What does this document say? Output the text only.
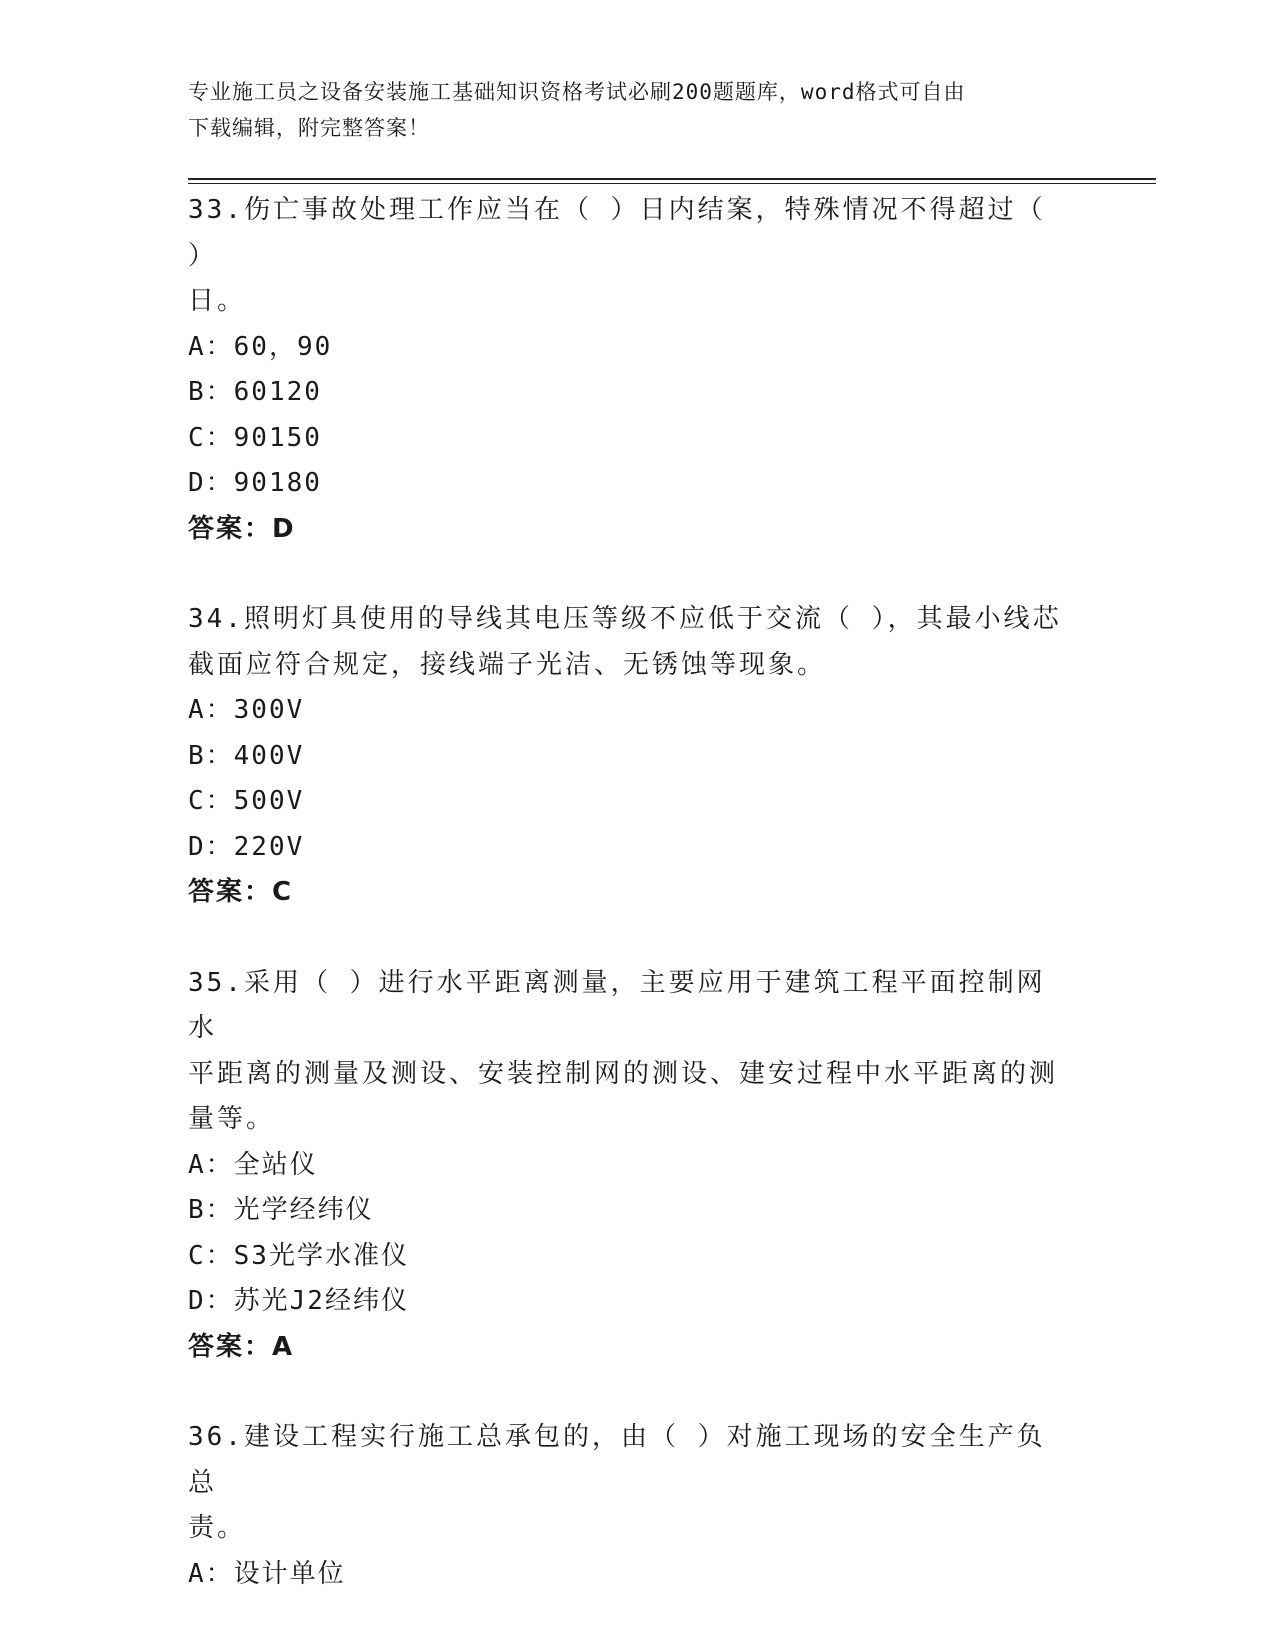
专业施工员之设备安装施工基础知识资格考试必刷200题题库，word格式可自由
下载编辑，附完整答案！

33.伤亡事故处理工作应当在（ ）日内结案，特殊情况不得超过（ ）

日。

A：60，90

B：60120

C：90150

D：90180

答案：D

34.照明灯具使用的导线其电压等级不应低于交流（ ），其最小线芯

截面应符合规定，接线端子光洁、无锈蚀等现象。

A：300V

B：400V

C：500V

D：220V

答案：C

35.采用（ ）进行水平距离测量，主要应用于建筑工程平面控制网水

平距离的测量及测设、安装控制网的测设、建安过程中水平距离的测

量等。

A：全站仪

B：光学经纬仪

C：S3光学水准仪

D：苏光J2经纬仪

答案：A

36.建设工程实行施工总承包的，由（ ）对施工现场的安全生产负总

责。

A：设计单位
